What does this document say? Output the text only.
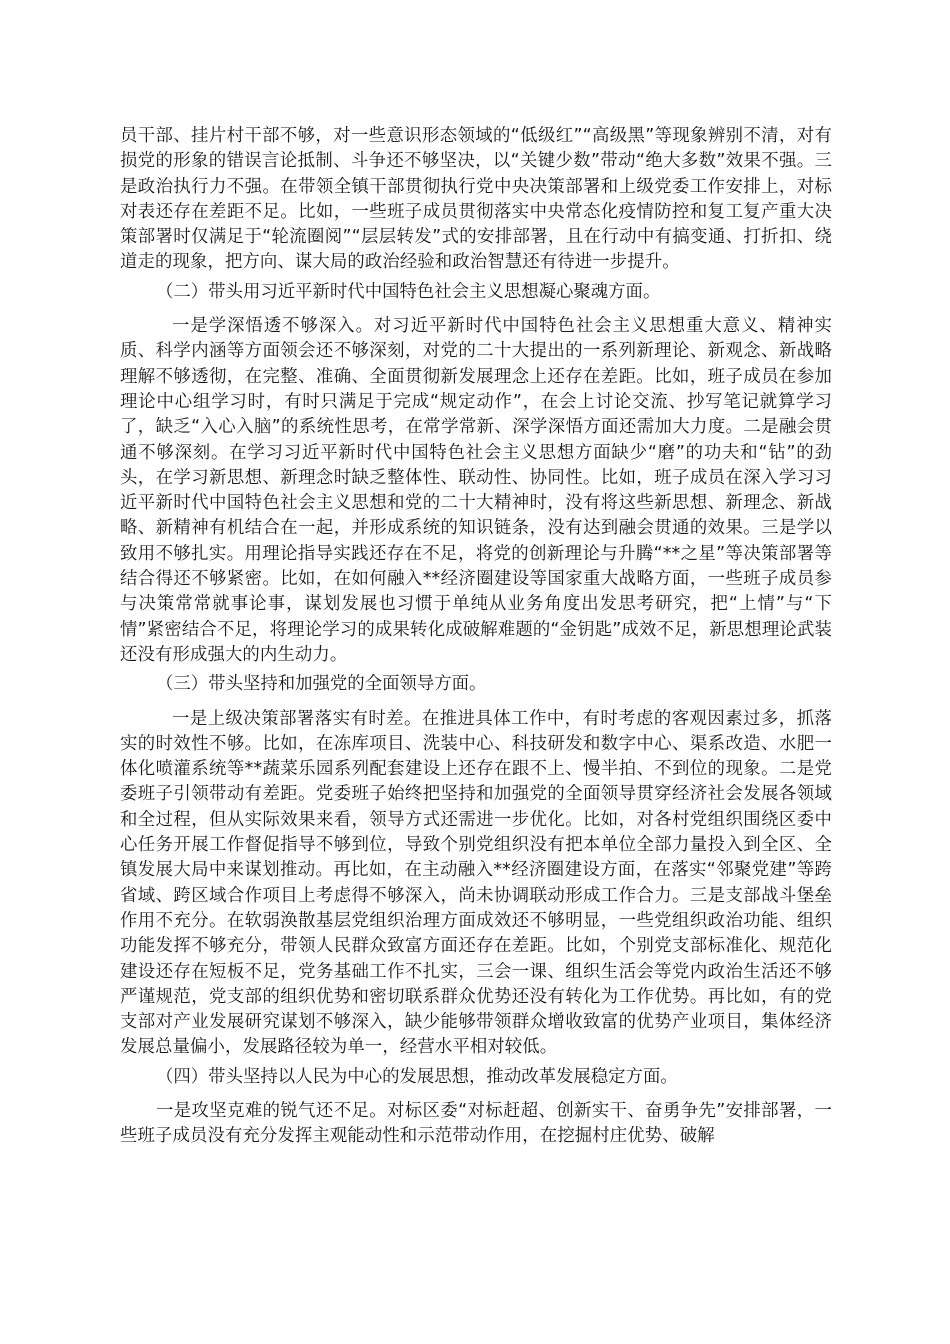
员干部、挂片村干部不够，对一些意识形态领域的“低级红”“高级黑”等现象辨别不清，对有损党的形象的错误言论抵制、斗争还不够坚决，以“关键少数”带动“绝大多数”效果不强。三是政治执行力不强。在带领全镇干部贯彻执行党中央决策部署和上级党委工作安排上，对标对表还存在差距不足。比如，一些班子成员贯彻落实中央常态化疫情防控和复工复产重大决策部署时仅满足于“轮流圈阅”“层层转发”式的安排部署，且在行动中有搞变通、打折扣、绕道走的现象，把方向、谋大局的政治经验和政治智慧还有待进一步提升。

（二）带头用习近平新时代中国特色社会主义思想凝心聚魂方面。

一是学深悟透不够深入。对习近平新时代中国特色社会主义思想重大意义、精神实质、科学内涵等方面领会还不够深刻，对党的二十大提出的一系列新理论、新观念、新战略理解不够透彻，在完整、准确、全面贯彻新发展理念上还存在差距。比如，班子成员在参加理论中心组学习时，有时只满足于完成“规定动作”，在会上讨论交流、抄写笔记就算学习了，缺乏“入心入脑”的系统性思考，在常学常新、深学深悟方面还需加大力度。二是融会贯通不够深刻。在学习习近平新时代中国特色社会主义思想方面缺少“磨”的功夫和“钻”的劲头，在学习新思想、新理念时缺乏整体性、联动性、协同性。比如，班子成员在深入学习习近平新时代中国特色社会主义思想和党的二十大精神时，没有将这些新思想、新理念、新战略、新精神有机结合在一起，并形成系统的知识链条，没有达到融会贯通的效果。三是学以致用不够扎实。用理论指导实践还存在不足，将党的创新理论与升腾“**之星”等决策部署等结合得还不够紧密。比如，在如何融入**经济圈建设等国家重大战略方面，一些班子成员参与决策常常就事论事，谋划发展也习惯于单纯从业务角度出发思考研究，把“上情”与“下情”紧密结合不足，将理论学习的成果转化成破解难题的“金钥匙”成效不足，新思想理论武装还没有形成强大的内生动力。

（三）带头坚持和加强党的全面领导方面。

一是上级决策部署落实有时差。在推进具体工作中，有时考虑的客观因素过多，抓落实的时效性不够。比如，在冻库项目、洗装中心、科技研发和数字中心、渠系改造、水肥一体化喷灌系统等**蔬菜乐园系列配套建设上还存在跟不上、慢半拍、不到位的现象。二是党委班子引领带动有差距。党委班子始终把坚持和加强党的全面领导贯穿经济社会发展各领域和全过程，但从实际效果来看，领导方式还需进一步优化。比如，对各村党组织围绕区委中心任务开展工作督促指导不够到位，导致个别党组织没有把本单位全部力量投入到全区、全镇发展大局中来谋划推动。再比如，在主动融入**经济圈建设方面，在落实“邻聚党建”等跨省域、跨区域合作项目上考虑得不够深入，尚未协调联动形成工作合力。三是支部战斗堡垒作用不充分。在软弱涣散基层党组织治理方面成效还不够明显，一些党组织政治功能、组织功能发挥不够充分，带领人民群众致富方面还存在差距。比如，个别党支部标准化、规范化建设还存在短板不足，党务基础工作不扎实，三会一课、组织生活会等党内政治生活还不够严谨规范，党支部的组织优势和密切联系群众优势还没有转化为工作优势。再比如，有的党支部对产业发展研究谋划不够深入，缺少能够带领群众增收致富的优势产业项目，集体经济发展总量偏小，发展路径较为单一，经营水平相对较低。

（四）带头坚持以人民为中心的发展思想，推动改革发展稳定方面。

一是攻坚克难的锐气还不足。对标区委“对标赶超、创新实干、奋勇争先”安排部署，一些班子成员没有充分发挥主观能动性和示范带动作用，在挖掘村庄优势、破解
